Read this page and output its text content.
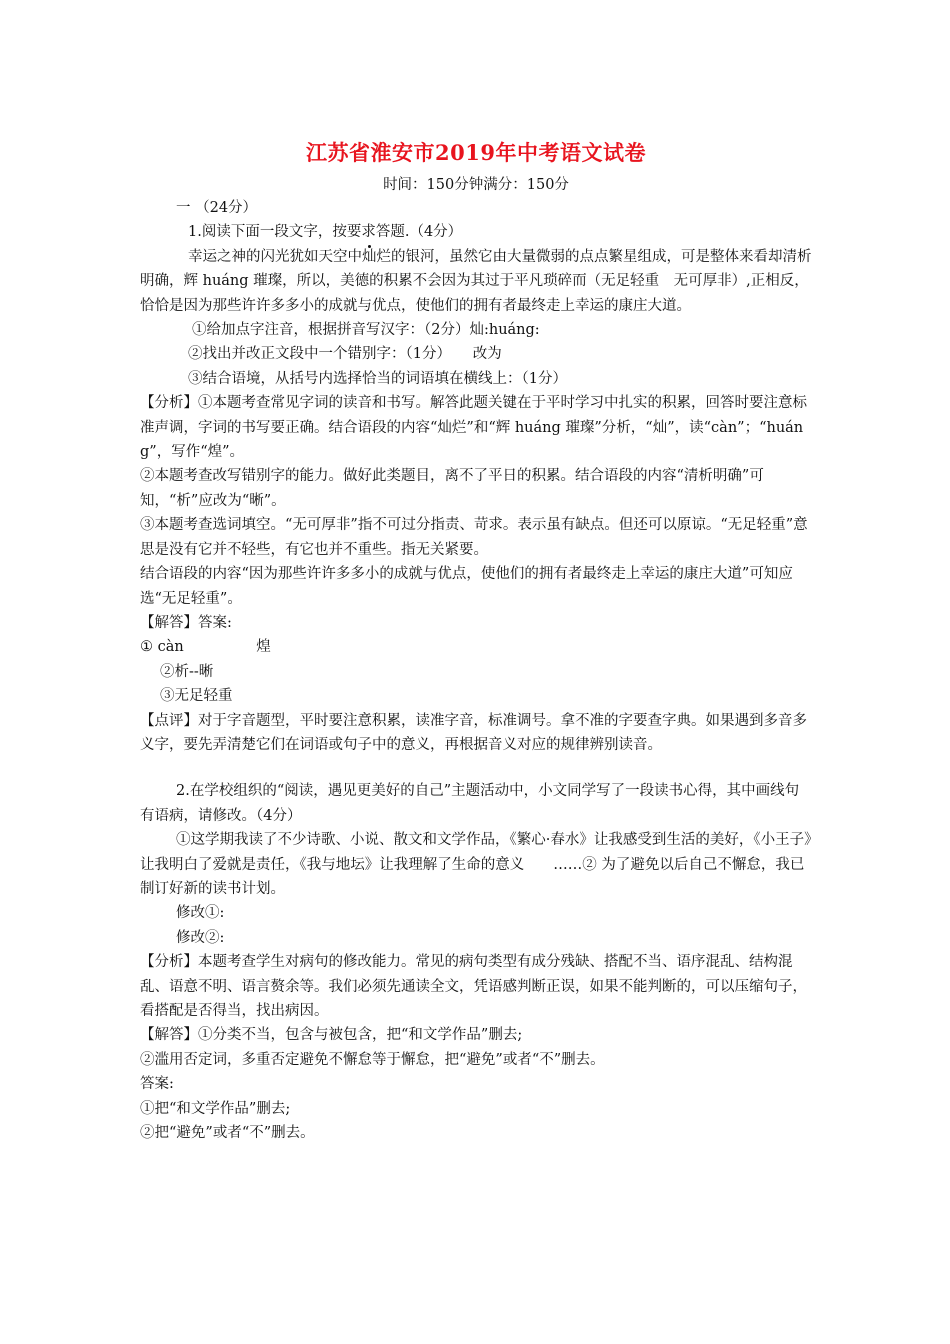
江苏省淮安市2019年中考语文试卷

时间：150分钟满分：150分

一 （24分）

1.阅读下面一段文字，按要求答题.（4分）

幸运之神的闪光犹如天空中灿烂的银河，虽然它由大量微弱的点点繁星组成，可是整体来看却清析明确，辉 huáng 璀璨，所以，美德的积累不会因为其过于平凡琐碎而（无足轻重　无可厚非）,正相反，恰恰是因为那些许许多多小的成就与优点，使他们的拥有者最终走上幸运的康庄大道。

①给加点字注音，根据拼音写汉字：（2分）灿:huáng:

②找出并改正文段中一个错别字：（1分）　　改为

③结合语境，从括号内选择恰当的词语填在横线上：（1分）

【分析】①本题考查常见字词的读音和书写。解答此题关键在于平时学习中扎实的积累，回答时要注意标准声调，字词的书写要正确。结合语段的内容“灿烂”和“辉 huáng 璀璨”分析，“灿”，读“càn”；“huáng”，写作“煌”。

②本题考查改写错别字的能力。做好此类题目，离不了平日的积累。结合语段的内容“清析明确”可知，“析”应改为“晰”。

③本题考查选词填空。“无可厚非”指不可过分指责、苛求。表示虽有缺点。但还可以原谅。“无足轻重”意思是没有它并不轻些，有它也并不重些。指无关紧要。

结合语段的内容“因为那些许许多多小的成就与优点，使他们的拥有者最终走上幸运的康庄大道”可知应选“无足轻重”。

【解答】答案:

① càn　　　　　煌

②析--晰

③无足轻重

【点评】对于字音题型，平时要注意积累，读准字音，标准调号。拿不准的字要查字典。如果遇到多音多义字，要先弄清楚它们在词语或句子中的意义，再根据音义对应的规律辨别读音。

2.在学校组织的“阅读，遇见更美好的自己”主题活动中，小文同学写了一段读书心得，其中画线句有语病，请修改。（4分）

①这学期我读了不少诗歌、小说、散文和文学作品，《繁心·春水》让我感受到生活的美好，《小王子》让我明白了爱就是责任，《我与地坛》让我理解了生命的意义　　……② 为了避免以后自己不懈怠，我已制订好新的读书计划。

修改①:

修改②:

【分析】本题考查学生对病句的修改能力。常见的病句类型有成分残缺、搭配不当、语序混乱、结构混乱、语意不明、语言赘余等。我们必须先通读全文，凭语感判断正误，如果不能判断的，可以压缩句子，看搭配是否得当，找出病因。

【解答】①分类不当，包含与被包含，把“和文学作品”删去;

②滥用否定词，多重否定避免不懈怠等于懈怠，把“避免”或者“不”删去。

答案:

①把“和文学作品”删去;

②把“避免”或者“不”删去。
